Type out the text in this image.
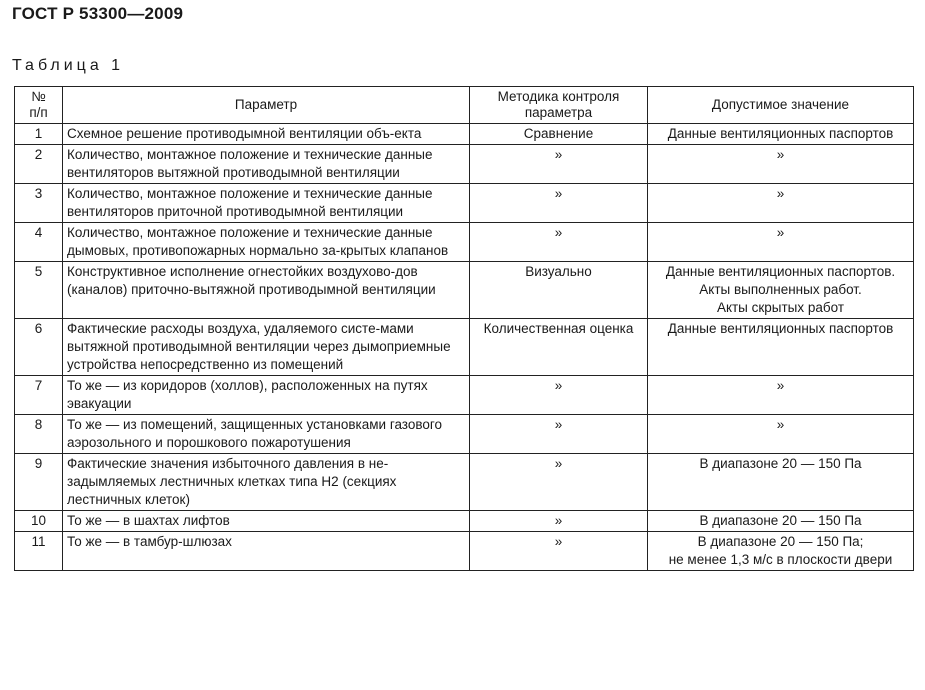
ГОСТ Р 53300—2009
Таблица 1
№
п/п	Параметр	Методика контроля параметра	Допустимое значение
1	Схемное решение противодымной вентиляции объ-екта	Сравнение	Данные вентиляционных паспортов
2	Количество, монтажное положение и технические данные вентиляторов вытяжной противодымной вентиляции	»	»
3	Количество, монтажное положение и технические данные вентиляторов приточной противодымной вентиляции	»	»
4	Количество, монтажное положение и технические данные дымовых, противопожарных нормально за-крытых клапанов	»	»
5	Конструктивное исполнение огнестойких воздухово-дов (каналов) приточно-вытяжной противодымной вентиляции	Визуально	Данные вентиляционных паспортов.
Акты выполненных работ.
Акты скрытых работ
6	Фактические расходы воздуха, удаляемого систе-мами вытяжной противодымной вентиляции через дымоприемные устройства непосредственно из помещений	Количественная оценка	Данные вентиляционных паспортов
7	То же — из коридоров (холлов), расположенных на путях эвакуации	»	»
8	То же — из помещений, защищенных установками газового аэрозольного и порошкового пожаротушения	»	»
9	Фактические значения избыточного давления в не-задымляемых лестничных клетках типа Н2 (секциях лестничных клеток)	»	В диапазоне 20 — 150 Па
10	То же — в шахтах лифтов	»	В диапазоне 20 — 150 Па
11	То же — в тамбур-шлюзах	»	В диапазоне 20 — 150 Па;
не менее 1,3 м/с в плоскости двери
